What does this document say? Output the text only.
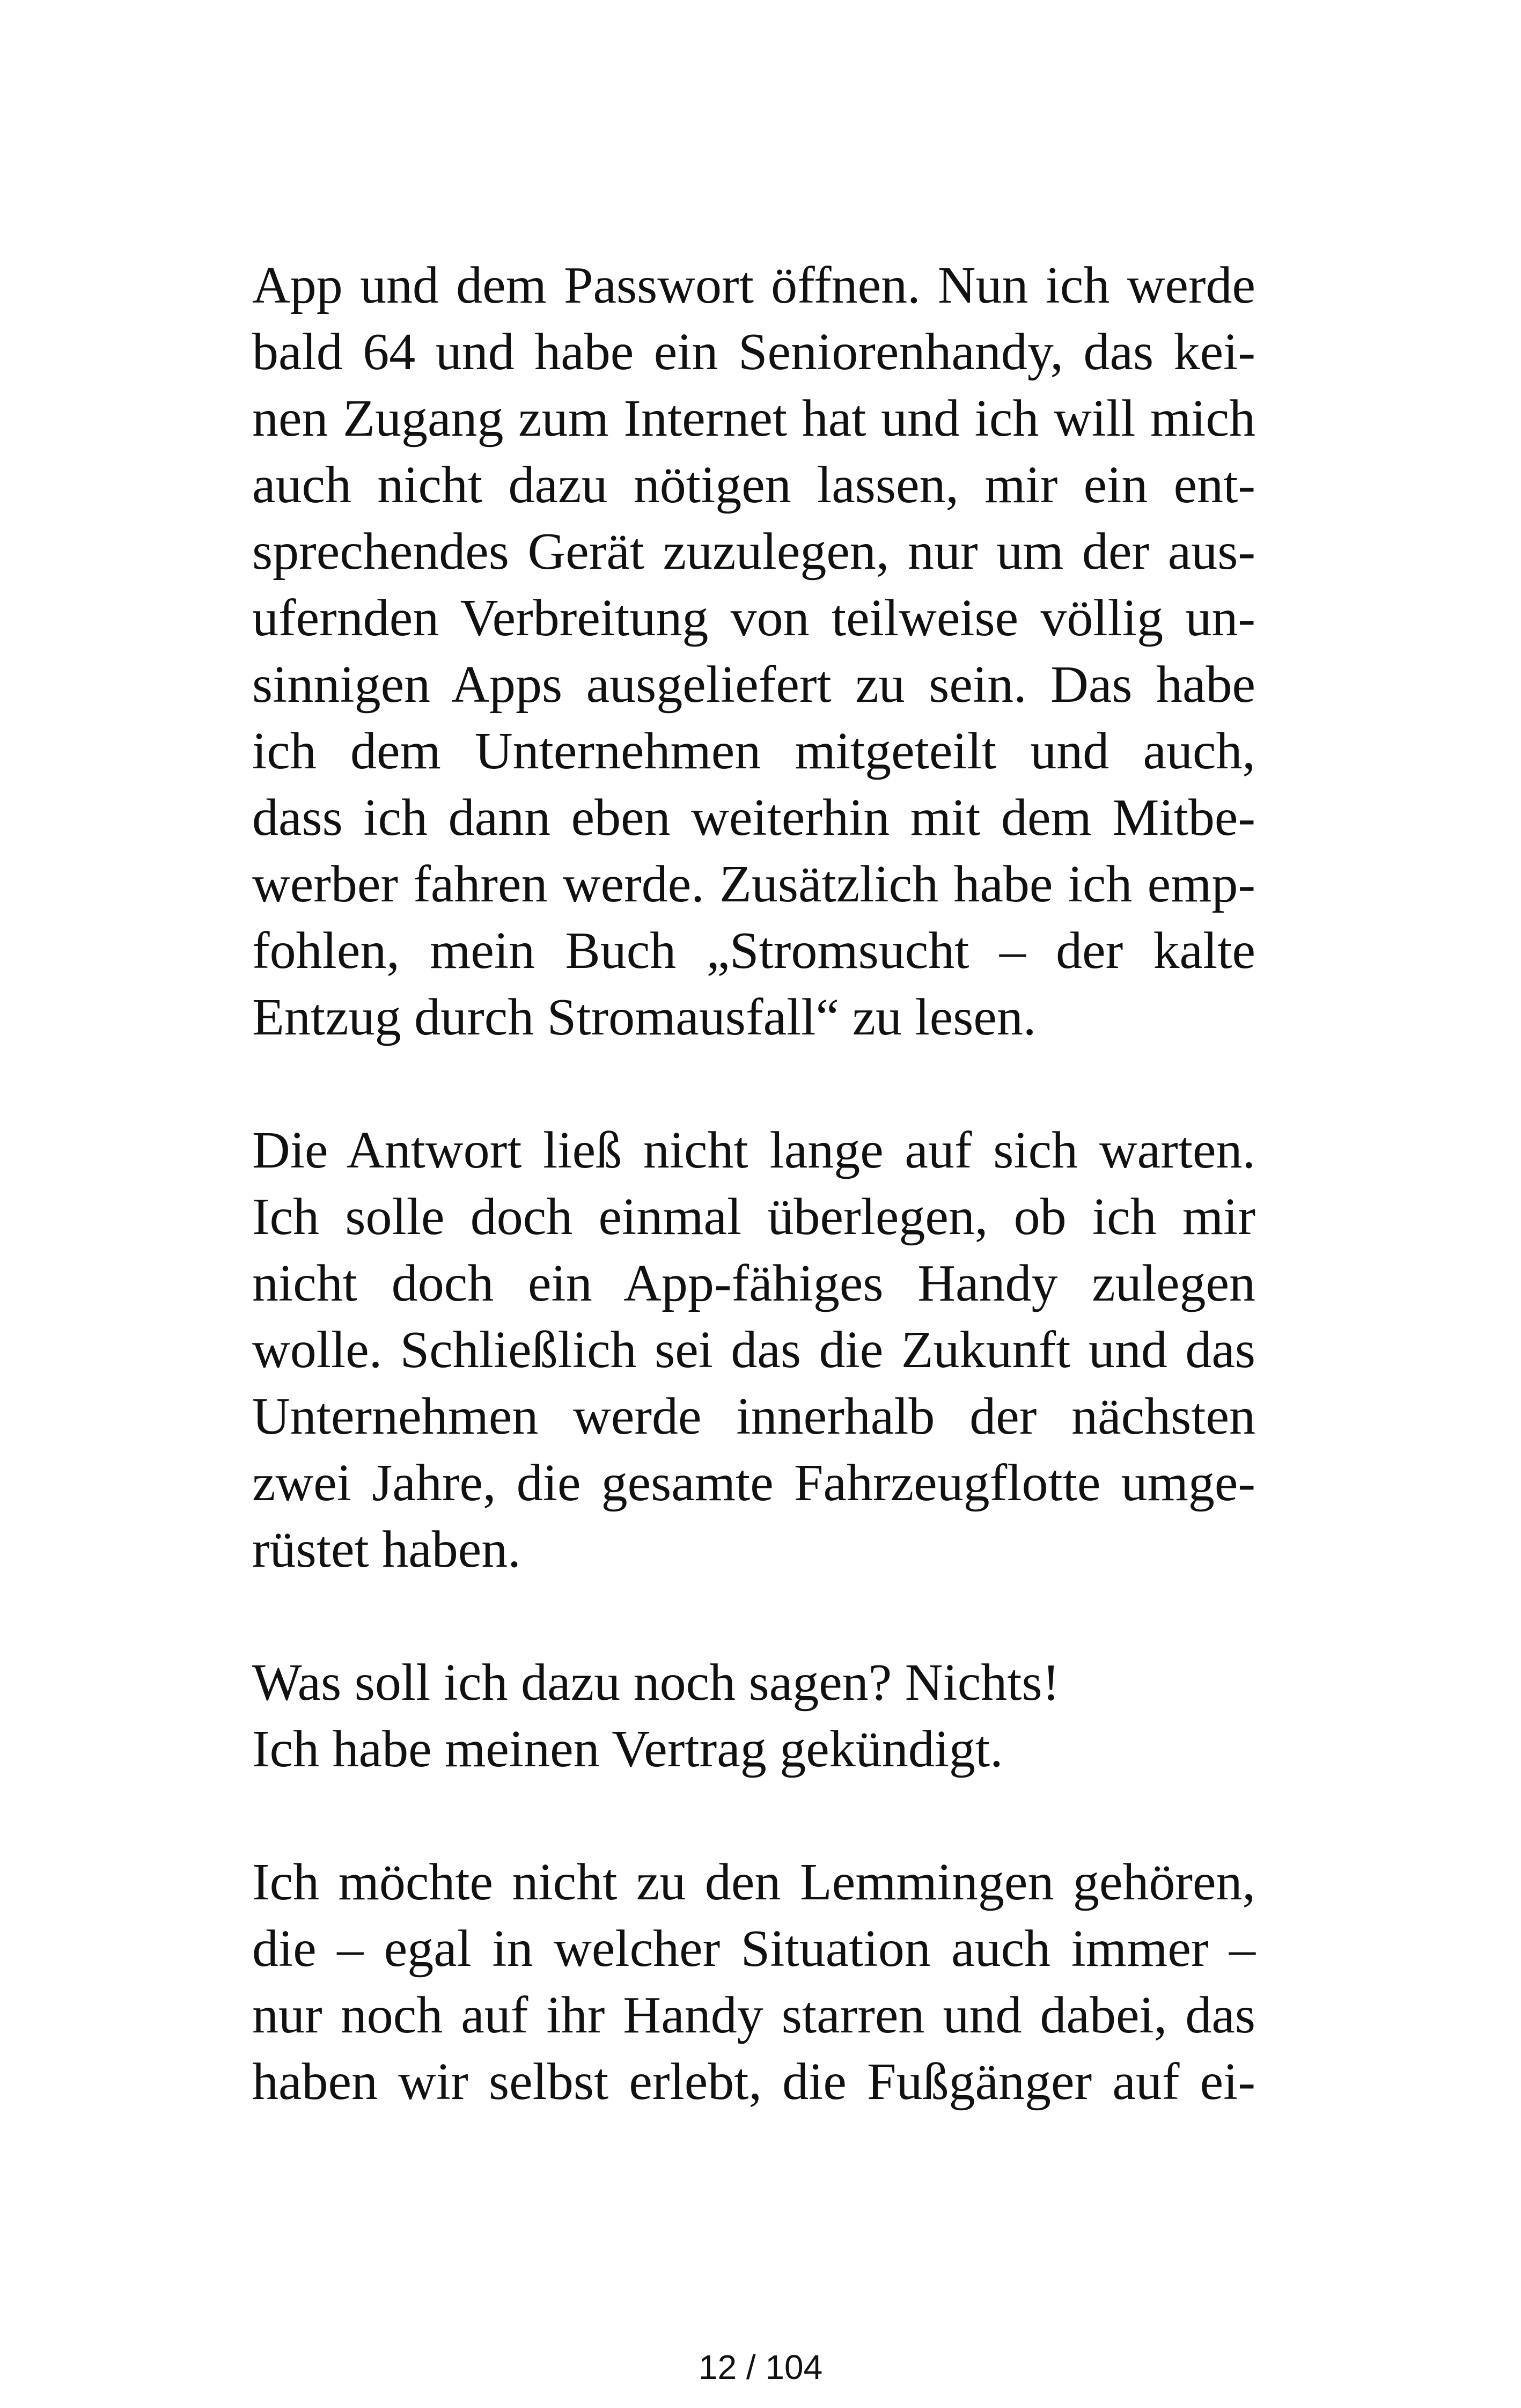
App und dem Passwort öffnen. Nun ich werde
bald 64 und habe ein Seniorenhandy, das kei-
nen Zugang zum Internet hat und ich will mich
auch nicht dazu nötigen lassen, mir ein ent-
sprechendes Gerät zuzulegen, nur um der aus-
ufernden Verbreitung von teilweise völlig un-
sinnigen Apps ausgeliefert zu sein. Das habe
ich dem Unternehmen mitgeteilt und auch,
dass ich dann eben weiterhin mit dem Mitbe-
werber fahren werde. Zusätzlich habe ich emp-
fohlen, mein Buch „Stromsucht – der kalte
Entzug durch Stromausfall“ zu lesen.

Die Antwort ließ nicht lange auf sich warten.
Ich solle doch einmal überlegen, ob ich mir
nicht doch ein App-fähiges Handy zulegen
wolle. Schließlich sei das die Zukunft und das
Unternehmen werde innerhalb der nächsten
zwei Jahre, die gesamte Fahrzeugflotte umge-
rüstet haben.

Was soll ich dazu noch sagen? Nichts!
Ich habe meinen Vertrag gekündigt.

Ich möchte nicht zu den Lemmingen gehören,
die – egal in welcher Situation auch immer –
nur noch auf ihr Handy starren und dabei, das
haben wir selbst erlebt, die Fußgänger auf ei-

12 / 104
